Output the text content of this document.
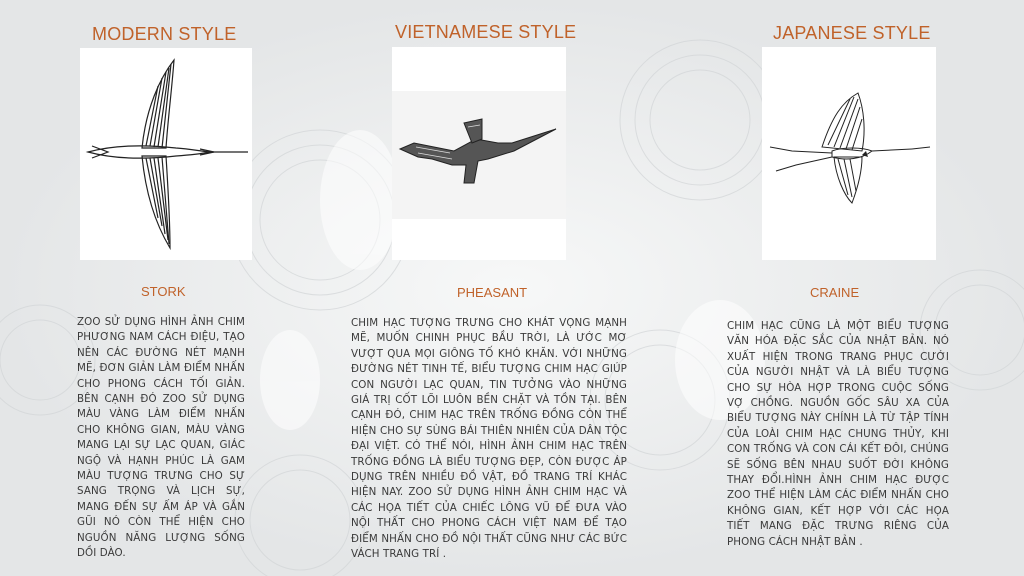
MODERN STYLE
STORK
ZOO SỬ DỤNG HÌNH ẢNH CHIM PHƯƠNG NAM CÁCH ĐIỆU, TẠO NÊN CÁC ĐƯỜNG NÉT MẠNH MẼ, ĐƠN GIẢN LÀM ĐIỂM NHẤN CHO PHONG CÁCH TỐI GIẢN. BÊN CẠNH ĐÓ ZOO SỬ DỤNG MÀU VÀNG LÀM ĐIỂM NHẤN CHO KHÔNG GIAN, MÀU VÀNG MANG LẠI SỰ LẠC QUAN, GIÁC NGỘ VÀ HẠNH PHÚC LÀ GAM MÀU TƯỢNG TRƯNG CHO SỰ SANG TRỌNG VÀ LỊCH SỰ, MANG ĐẾN SỰ ẤM ÁP VÀ GẮN GŨI NÓ CÒN THỂ HIỆN CHO NGUỒN NĂNG LƯỢNG SỐNG DỒI DÀO.
VIETNAMESE STYLE
PHEASANT
CHIM HẠC TƯỢNG TRƯNG CHO KHÁT VỌNG MẠNH MẼ, MUỐN CHINH PHỤC BẦU TRỜI, LÀ ƯỚC MƠ VƯỢT QUA MỌI GIÔNG TỐ KHÓ KHĂN. VỚI NHỮNG ĐƯỜNG NÉT TINH TẾ, BIỂU TƯỢNG CHIM HẠC GIÚP CON NGƯỜI LẠC QUAN, TIN TƯỞNG VÀO NHỮNG GIÁ TRỊ CỐT LÕI LUÔN BỀN CHẶT VÀ TỒN TẠI. BÊN CẠNH ĐÓ, CHIM HẠC TRÊN TRỐNG ĐỒNG CÒN THỂ HIỆN CHO SỰ SÙNG BÁI THIÊN NHIÊN CỦA DÂN TỘC ĐẠI VIỆT. CÓ THỂ NÓI, HÌNH ẢNH CHIM HẠC TRÊN TRỐNG ĐỒNG LÀ BIỂU TƯỢNG ĐẸP, CÒN ĐƯỢC ÁP DỤNG TRÊN NHIỀU ĐỒ VẬT, ĐỒ TRANG TRÍ KHÁC HIỆN NAY. ZOO SỬ DỤNG HÌNH ẢNH CHIM HẠC VÀ CÁC HỌA TIẾT CỦA CHIẾC LÔNG VŨ ĐỂ ĐƯA VÀO NỘI THẤT CHO PHONG CÁCH VIỆT NAM ĐỂ TẠO ĐIỂM NHẤN CHO ĐỒ NỘI THẤT CŨNG NHƯ CÁC BỨC VÁCH TRANG TRÍ .
JAPANESE STYLE
CRAINE
CHIM HẠC CŨNG LÀ MỘT BIỂU TƯỢNG VĂN HÓA ĐẶC SẮC CỦA NHẬT BẢN. NÓ XUẤT HIỆN TRONG TRANG PHỤC CƯỚI CỦA NGƯỜI NHẬT VÀ LÀ BIỂU TƯỢNG CHO SỰ HÒA HỢP TRONG CUỘC SỐNG VỢ CHỒNG. NGUỒN GỐC SÂU XA CỦA BIỂU TƯỢNG NÀY CHÍNH LÀ TỪ TẬP TÍNH CỦA LOÀI CHIM HẠC CHUNG THỦY, KHI CON TRỐNG VÀ CON CÁI KẾT ĐÔI, CHÚNG SẼ SỐNG BÊN NHAU SUỐT ĐỜI KHÔNG THAY ĐỔI.HÌNH ẢNH CHIM HẠC ĐƯỢC ZOO THỂ HIỆN LÀM CÁC ĐIỂM NHẤN CHO KHÔNG GIAN, KẾT HỢP VỚI CÁC HỌA TIẾT MANG ĐẶC TRƯNG RIÊNG CỦA PHONG CÁCH NHẬT BẢN .
